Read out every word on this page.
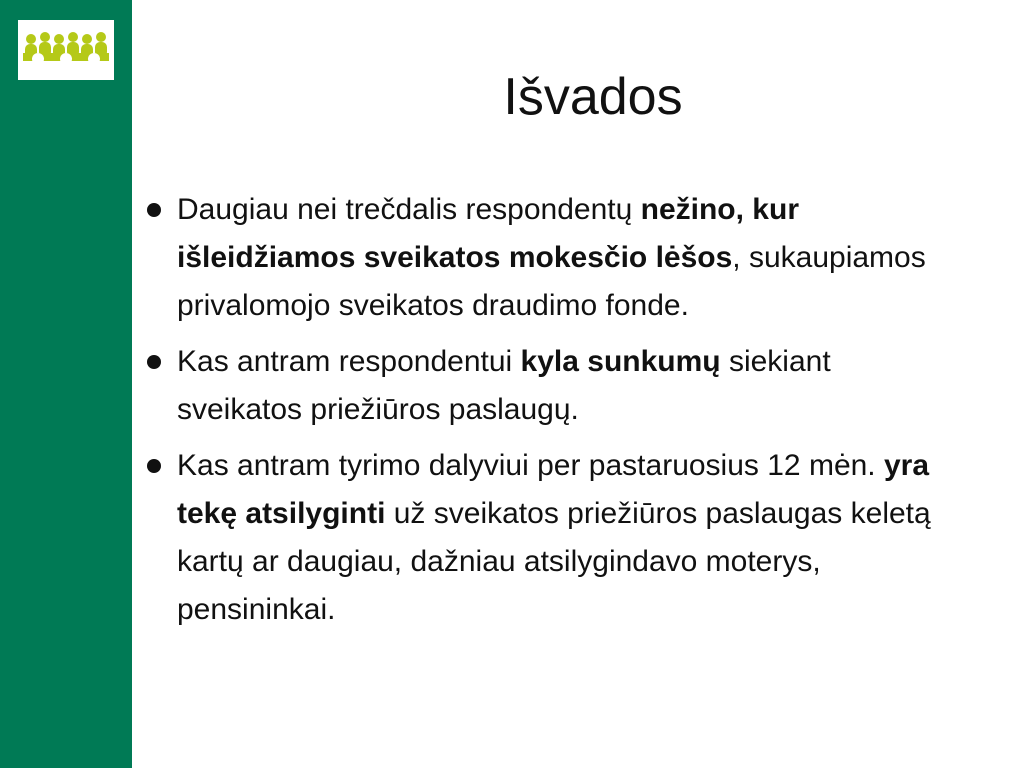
Išvados
Daugiau nei trečdalis respondentų nežino, kur išleidžiamos sveikatos mokesčio lėšos, sukaupiamos privalomojo sveikatos draudimo fonde.
Kas antram respondentui kyla sunkumų siekiant sveikatos priežiūros paslaugų.
Kas antram tyrimo dalyviui per pastaruosius 12 mėn. yra tekę atsilyginti už sveikatos priežiūros paslaugas keletą kartų ar daugiau, dažniau atsilygindavo moterys, pensininkai.
